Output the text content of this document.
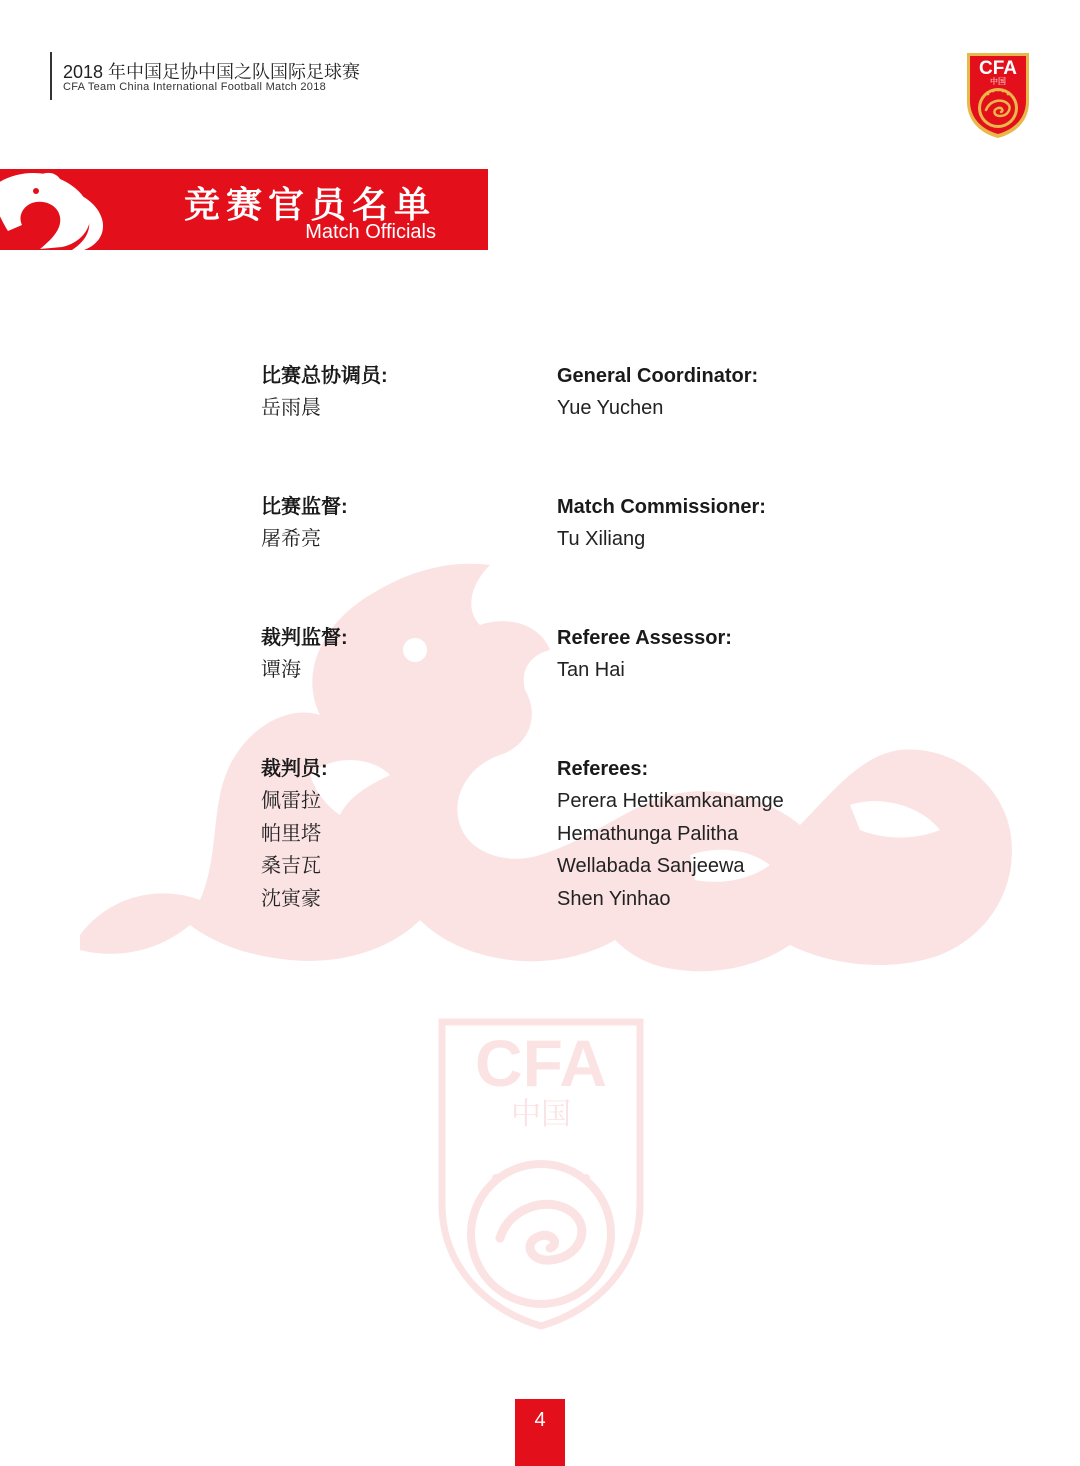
2018 年中国足协中国之队国际足球赛
CFA Team China International Football Match 2018
CFA
中国
竞赛官员名单
Match Officials
CFA
中国
比赛总协调员:
岳雨晨
General Coordinator:
Yue Yuchen
比赛监督:
屠希亮
Match Commissioner:
Tu Xiliang
裁判监督:
谭海
Referee Assessor:
Tan Hai
裁判员:
佩雷拉
帕里塔
桑吉瓦
沈寅豪
Referees:
Perera Hettikamkanamge
Hemathunga Palitha
Wellabada Sanjeewa
Shen Yinhao
4
